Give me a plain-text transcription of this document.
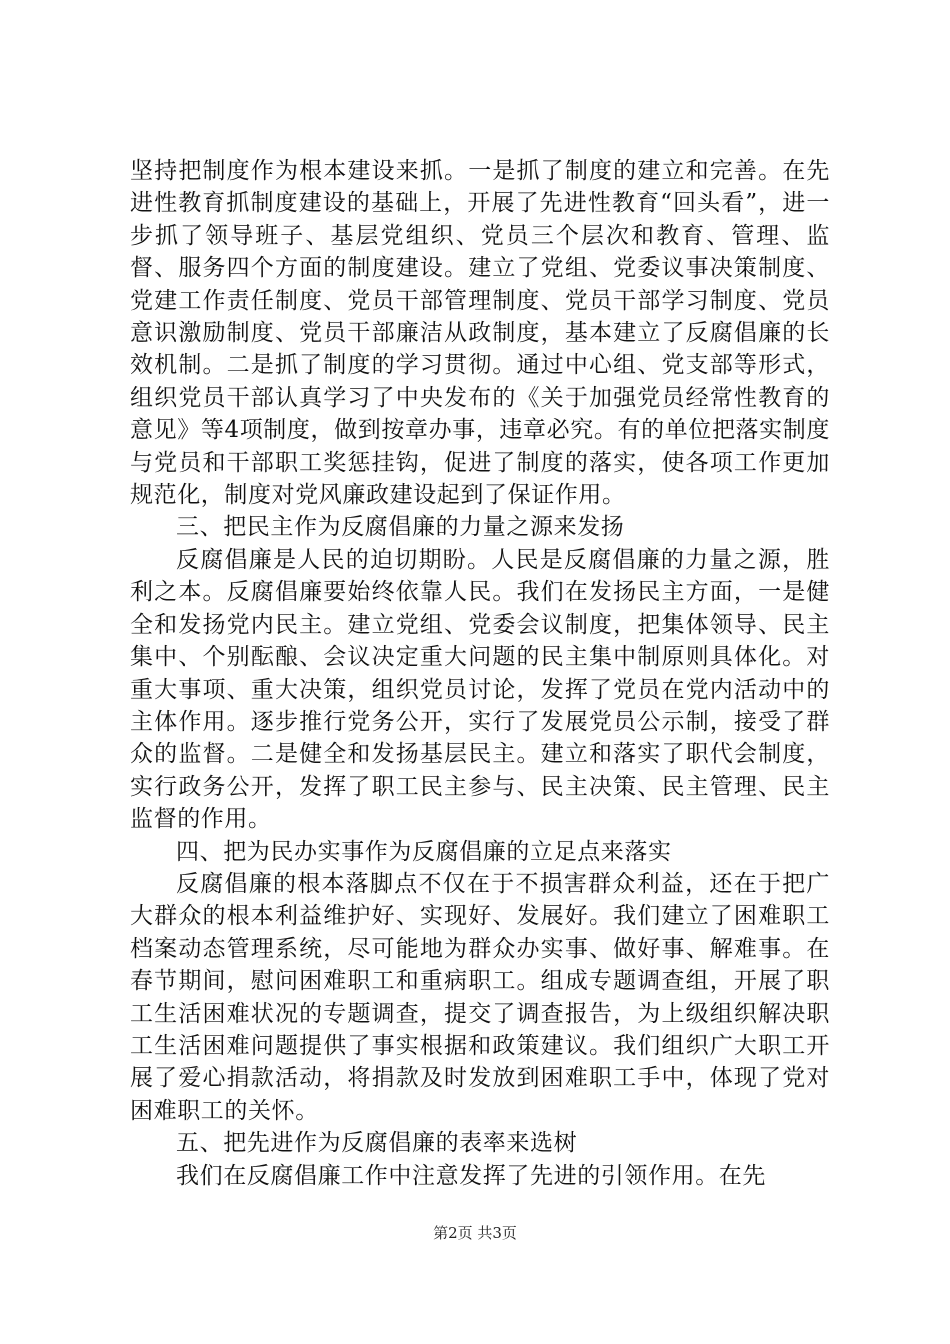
坚持把制度作为根本建设来抓。一是抓了制度的建立和完善。在先进性教育抓制度建设的基础上，开展了先进性教育“回头看”，进一步抓了领导班子、基层党组织、党员三个层次和教育、管理、监督、服务四个方面的制度建设。建立了党组、党委议事决策制度、党建工作责任制度、党员干部管理制度、党员干部学习制度、党员意识激励制度、党员干部廉洁从政制度，基本建立了反腐倡廉的长效机制。二是抓了制度的学习贯彻。通过中心组、党支部等形式，组织党员干部认真学习了中央发布的《关于加强党员经常性教育的意见》等4项制度，做到按章办事，违章必究。有的单位把落实制度与党员和干部职工奖惩挂钩，促进了制度的落实，使各项工作更加规范化，制度对党风廉政建设起到了保证作用。

三、把民主作为反腐倡廉的力量之源来发扬

反腐倡廉是人民的迫切期盼。人民是反腐倡廉的力量之源，胜利之本。反腐倡廉要始终依靠人民。我们在发扬民主方面，一是健全和发扬党内民主。建立党组、党委会议制度，把集体领导、民主集中、个别酝酿、会议决定重大问题的民主集中制原则具体化。对重大事项、重大决策，组织党员讨论，发挥了党员在党内活动中的主体作用。逐步推行党务公开，实行了发展党员公示制，接受了群众的监督。二是健全和发扬基层民主。建立和落实了职代会制度，实行政务公开，发挥了职工民主参与、民主决策、民主管理、民主监督的作用。

四、把为民办实事作为反腐倡廉的立足点来落实

反腐倡廉的根本落脚点不仅在于不损害群众利益，还在于把广大群众的根本利益维护好、实现好、发展好。我们建立了困难职工档案动态管理系统，尽可能地为群众办实事、做好事、解难事。在春节期间，慰问困难职工和重病职工。组成专题调查组，开展了职工生活困难状况的专题调查，提交了调查报告，为上级组织解决职工生活困难问题提供了事实根据和政策建议。我们组织广大职工开展了爱心捐款活动，将捐款及时发放到困难职工手中，体现了党对困难职工的关怀。

五、把先进作为反腐倡廉的表率来选树

我们在反腐倡廉工作中注意发挥了先进的引领作用。在先

第2页 共3页
